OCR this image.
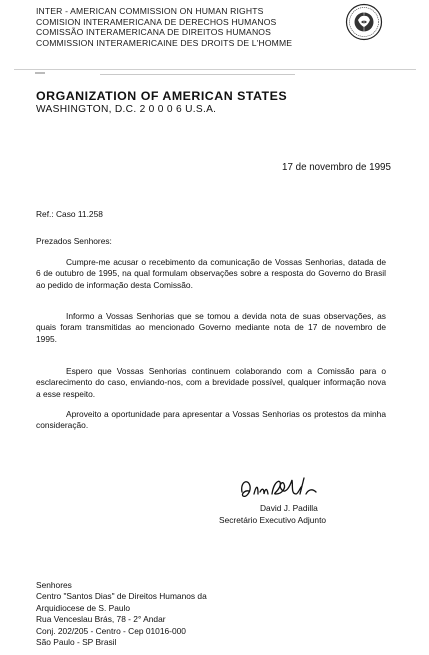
INTER - AMERICAN COMMISSION ON HUMAN RIGHTS
COMISION INTERAMERICANA DE DERECHOS HUMANOS
COMISSÃO INTERAMERICANA DE DIREITOS HUMANOS
COMMISSION INTERAMERICAINE DES DROITS DE L'HOMME
ORGANIZATION OF AMERICAN STATES
WASHINGTON, D.C. 2 0 0 0 6 U.S.A.
17 de novembro de 1995
Ref.: Caso 11.258
Prezados Senhores:

Cumpre-me acusar o recebimento da comunicação de Vossas Senhorias, datada de 6 de outubro de 1995, na qual formulam observações sobre a resposta do Governo do Brasil ao pedido de informação desta Comissão.

Informo a Vossas Senhorias que se tomou a devida nota de suas observações, as quais foram transmitidas ao mencionado Governo mediante nota de 17 de novembro de 1995.

Espero que Vossas Senhorias continuem colaborando com a Comissão para o esclarecimento do caso, enviando-nos, com a brevidade possível, qualquer informação nova a esse respeito.

Aproveito a oportunidade para apresentar a Vossas Senhorias os protestos da minha consideração.

David J. Padilla
Secretário Executivo Adjunto
Senhores
Centro "Santos Dias" de Direitos Humanos da
Arquidiocese de S. Paulo
Rua Venceslau Brás, 78 - 2° Andar
Conj. 202/205 - Centro - Cep 01016-000
São Paulo - SP Brasil
